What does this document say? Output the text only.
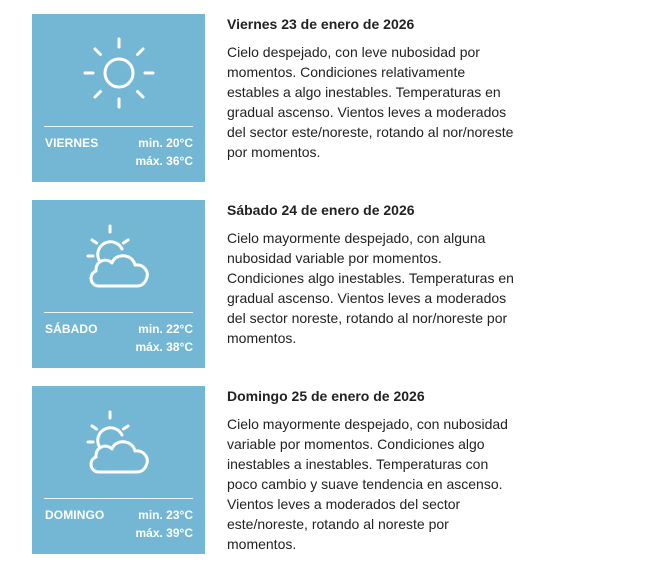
VIERNES	min. 20°C
máx. 36°C
Viernes 23 de enero de 2026

Cielo despejado, con leve nubosidad por momentos. Condiciones relativamente estables a algo inestables. Temperaturas en gradual ascenso. Vientos leves a moderados del sector este/noreste, rotando al nor/noreste por momentos.

SÁBADO	min. 22°C
máx. 38°C
Sábado 24 de enero de 2026

Cielo mayormente despejado, con alguna nubosidad variable por momentos. Condiciones algo inestables. Temperaturas en gradual ascenso. Vientos leves a moderados del sector noreste, rotando al nor/noreste por momentos.

DOMINGO	min. 23°C
máx. 39°C
Domingo 25 de enero de 2026

Cielo mayormente despejado, con nubosidad variable por momentos. Condiciones algo inestables a inestables. Temperaturas con poco cambio y suave tendencia en ascenso. Vientos leves a moderados del sector este/noreste, rotando al noreste por momentos.
